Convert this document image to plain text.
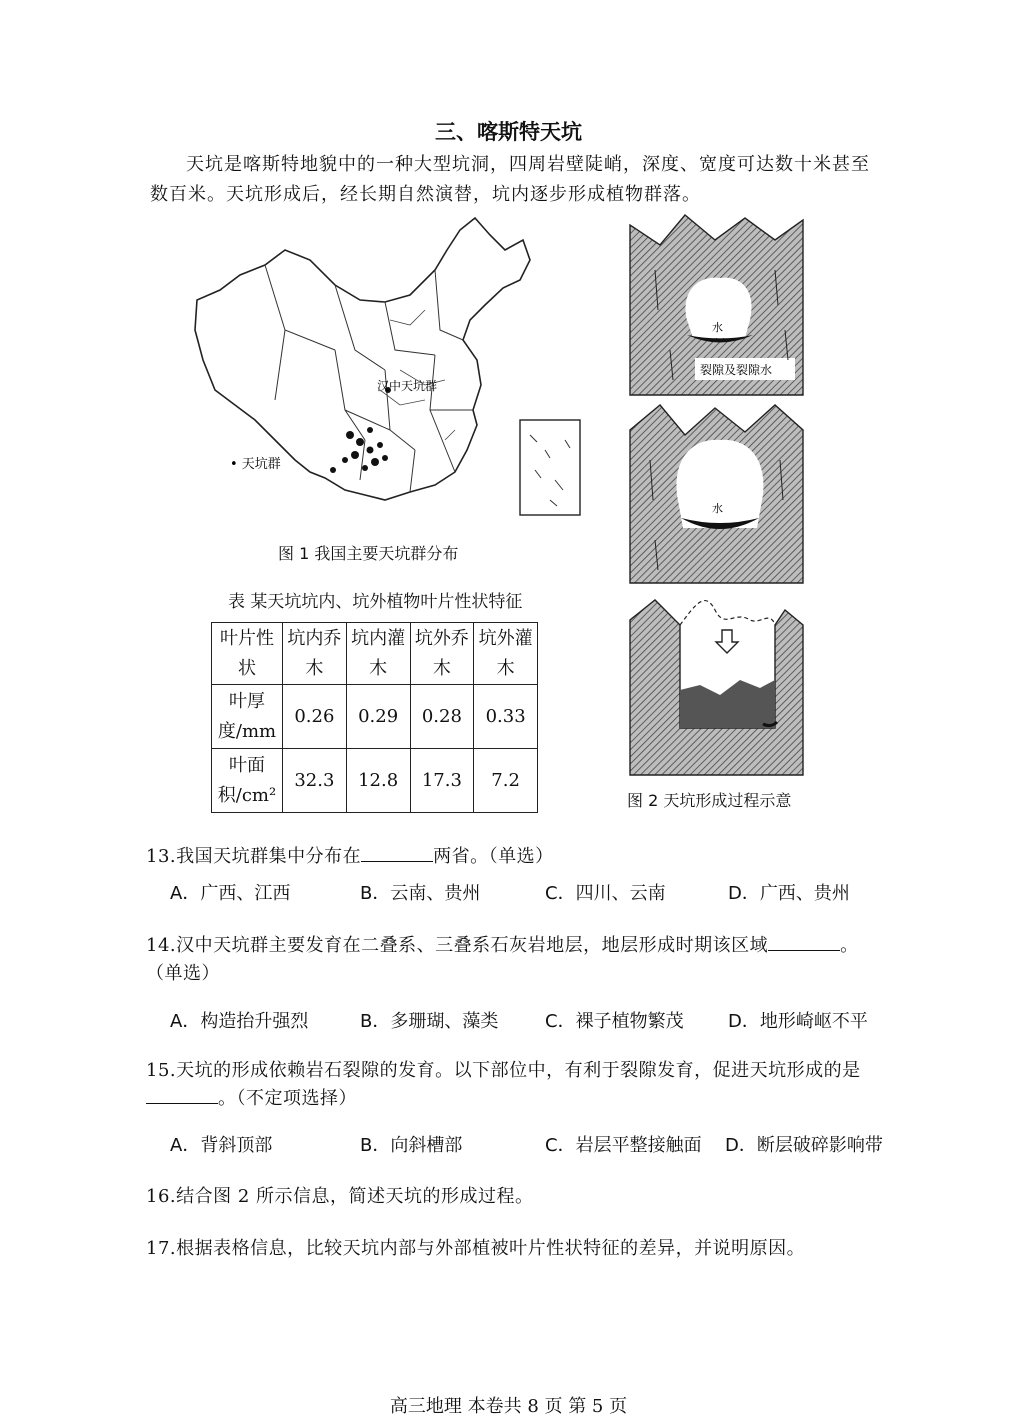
三、喀斯特天坑
天坑是喀斯特地貌中的一种大型坑洞，四周岩壁陡峭，深度、宽度可达数十米甚至数百米。天坑形成后，经长期自然演替，坑内逐步形成植物群落。
汉中天坑群
• 天坑群
图 1 我国主要天坑群分布
表 某天坑坑内、坑外植物叶片性状特征
叶片性状	坑内乔木	坑内灌木	坑外乔木	坑外灌木
叶厚度/mm	0.26	0.29	0.28	0.33
叶面积/cm²	32.3	12.8	17.3	7.2
水
裂隙及裂隙水
水
图 2 天坑形成过程示意
13.我国天坑群集中分布在	两省。（单选）
A．广西、江西	B．云南、贵州	C．四川、云南	D．广西、贵州
14.汉中天坑群主要发育在二叠系、三叠系石灰岩地层，地层形成时期该区域	。（单选）
A．构造抬升强烈	B．多珊瑚、藻类	C．裸子植物繁茂 D．地形崎岖不平
15.天坑的形成依赖岩石裂隙的发育。以下部位中，有利于裂隙发育，促进天坑形成的是。（不定项选择）
A．背斜顶部	B．向斜槽部	C．岩层平整接触面 D．断层破碎影响带
16.结合图 2 所示信息，简述天坑的形成过程。
17.根据表格信息，比较天坑内部与外部植被叶片性状特征的差异，并说明原因。
高三地理 本卷共 8 页 第 5 页
